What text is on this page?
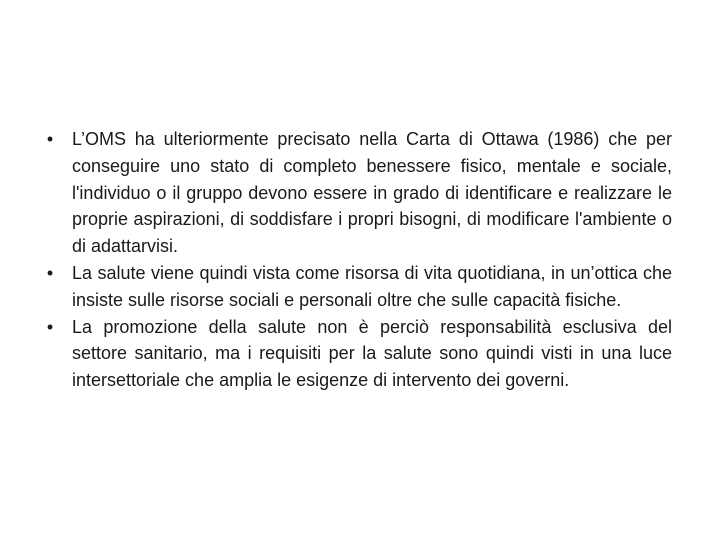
•	L’OMS ha ulteriormente precisato nella Carta di Ottawa (1986) che per conseguire uno stato di completo benessere fisico, mentale e sociale, l'individuo o il gruppo devono essere in grado di identificare e realizzare le proprie aspirazioni, di soddisfare i propri bisogni, di modificare l'ambiente o di adattarvisi.
•	La salute viene quindi vista come risorsa di vita quotidiana, in un’ottica che insiste sulle risorse sociali e personali oltre che sulle capacità fisiche.
•	La promozione della salute non è perciò responsabilità esclusiva del settore sanitario, ma i requisiti per la salute sono quindi visti in una luce intersettoriale che amplia le esigenze di intervento dei governi.
